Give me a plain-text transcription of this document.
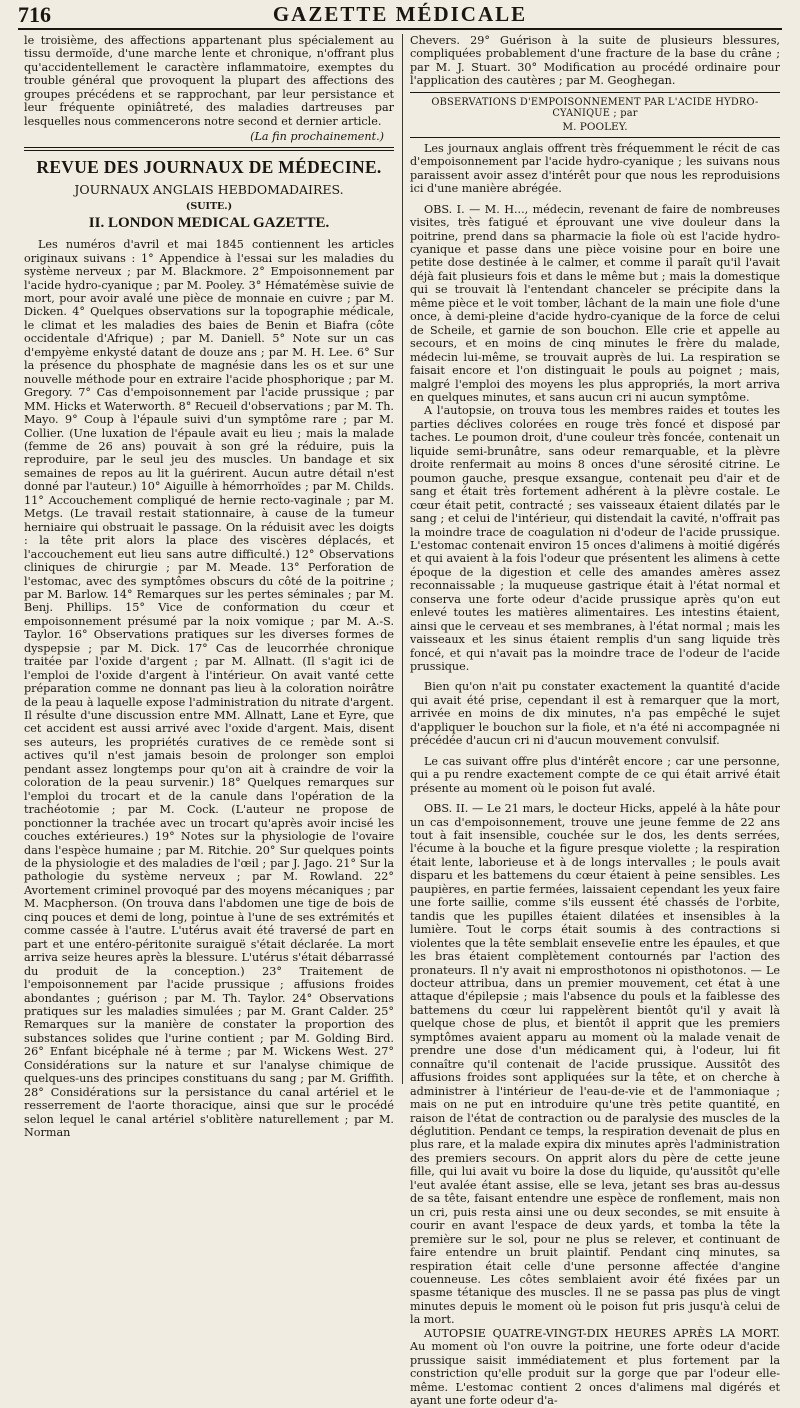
716	GAZETTE MÉDICALE

le troisième, des affections appartenant plus spécialement au tissu dermoïde, d'une marche lente et chronique, n'offrant plus qu'accidentellement le caractère inflammatoire, exemptes du trouble général que provoquent la plupart des affections des groupes précédens et se rapprochant, par leur persistance et leur fréquente opiniâtreté, des maladies dartreuses par lesquelles nous commencerons notre second et dernier article.

(La fin prochainement.)
REVUE DES JOURNAUX DE MÉDECINE.
JOURNAUX ANGLAIS HEBDOMADAIRES.
(SUITE.)
II. LONDON MEDICAL GAZETTE.

Les numéros d'avril et mai 1845 contiennent les articles originaux suivans : 1° Appendice à l'essai sur les maladies du système nerveux ; par M. Blackmore. 2° Empoisonnement par l'acide hydro-cyanique ; par M. Pooley. 3° Hématémèse suivie de mort, pour avoir avalé une pièce de monnaie en cuivre ; par M. Dicken. 4° Quelques observations sur la topographie médicale, le climat et les maladies des baies de Benin et Biafra (côte occidentale d'Afrique) ; par M. Daniell. 5° Note sur un cas d'empyème enkysté datant de douze ans ; par M. H. Lee. 6° Sur la présence du phosphate de magnésie dans les os et sur une nouvelle méthode pour en extraire l'acide phosphorique ; par M. Gregory. 7° Cas d'empoisonnement par l'acide prussique ; par MM. Hicks et Waterworth. 8° Recueil d'observations ; par M. Th. Mayo. 9° Coup à l'épaule suivi d'un symptôme rare ; par M. Collier. (Une luxation de l'épaule avait eu lieu ; mais la malade (femme de 26 ans) pouvait à son gré la réduire, puis la reproduire, par le seul jeu des muscles. Un bandage et six semaines de repos au lit la guérirent. Aucun autre détail n'est donné par l'auteur.) 10° Aiguille à hémorrhoïdes ; par M. Childs. 11° Accouchement compliqué de hernie recto-vaginale ; par M. Metgs. (Le travail restait stationnaire, à cause de la tumeur herniaire qui obstruait le passage. On la réduisit avec les doigts : la tête prit alors la place des viscères déplacés, et l'accouchement eut lieu sans autre difficulté.) 12° Observations cliniques de chirurgie ; par M. Meade. 13° Perforation de l'estomac, avec des symptômes obscurs du côté de la poitrine ; par M. Barlow. 14° Remarques sur les pertes séminales ; par M. Benj. Phillips. 15° Vice de conformation du cœur et empoisonnement présumé par la noix vomique ; par M. A.-S. Taylor. 16° Observations pratiques sur les diverses formes de dyspepsie ; par M. Dick. 17° Cas de leucorrhée chronique traitée par l'oxide d'argent ; par M. Allnatt. (Il s'agit ici de l'emploi de l'oxide d'argent à l'intérieur. On avait vanté cette préparation comme ne donnant pas lieu à la coloration noirâtre de la peau à laquelle expose l'administration du nitrate d'argent. Il résulte d'une discussion entre MM. Allnatt, Lane et Eyre, que cet accident est aussi arrivé avec l'oxide d'argent. Mais, disent ses auteurs, les propriétés curatives de ce remède sont si actives qu'il n'est jamais besoin de prolonger son emploi pendant assez longtemps pour qu'on ait à craindre de voir la coloration de la peau survenir.) 18° Quelques remarques sur l'emploi du trocart et de la canule dans l'opération de la trachéotomie ; par M. Cock. (L'auteur ne propose de ponctionner la trachée avec un trocart qu'après avoir incisé les couches extérieures.) 19° Notes sur la physiologie de l'ovaire dans l'espèce humaine ; par M. Ritchie. 20° Sur quelques points de la physiologie et des maladies de l'œil ; par J. Jago. 21° Sur la pathologie du système nerveux ; par M. Rowland. 22° Avortement criminel provoqué par des moyens mécaniques ; par M. Macpherson. (On trouva dans l'abdomen une tige de bois de cinq pouces et demi de long, pointue à l'une de ses extrémités et comme cassée à l'autre. L'utérus avait été traversé de part en part et une entéro-péritonite suraiguë s'était déclarée. La mort arriva seize heures après la blessure. L'utérus s'était débarrassé du produit de la conception.) 23° Traitement de l'empoisonnement par l'acide prussique ; affusions froides abondantes ; guérison ; par M. Th. Taylor. 24° Observations pratiques sur les maladies simulées ; par M. Grant Calder. 25° Remarques sur la manière de constater la proportion des substances solides que l'urine contient ; par M. Golding Bird. 26° Enfant bicéphale né à terme ; par M. Wickens West. 27° Considérations sur la nature et sur l'analyse chimique de quelques-uns des principes constituans du sang ; par M. Griffith. 28° Considérations sur la persistance du canal artériel et le resserrement de l'aorte thoracique, ainsi que sur le procédé selon lequel le canal artériel s'oblitère naturellement ; par M. Norman

Chevers. 29° Guérison à la suite de plusieurs blessures, compliquées probablement d'une fracture de la base du crâne ; par M. J. Stuart. 30° Modification au procédé ordinaire pour l'application des cautères ; par M. Geoghegan.

OBSERVATIONS D'EMPOISONNEMENT PAR L'ACIDE HYDRO-CYANIQUE ; par
M. POOLEY.

Les journaux anglais offrent très fréquemment le récit de cas d'empoisonnement par l'acide hydro-cyanique ; les suivans nous paraissent avoir assez d'intérêt pour que nous les reproduisions ici d'une manière abrégée.

OBS. I. — M. H..., médecin, revenant de faire de nombreuses visites, très fatigué et éprouvant une vive douleur dans la poitrine, prend dans sa pharmacie la fiole où est l'acide hydro-cyanique et passe dans une pièce voisine pour en boire une petite dose destinée à le calmer, et comme il paraît qu'il l'avait déjà fait plusieurs fois et dans le même but ; mais la domestique qui se trouvait là l'entendant chanceler se précipite dans la même pièce et le voit tomber, lâchant de la main une fiole d'une once, à demi-pleine d'acide hydro-cyanique de la force de celui de Scheile, et garnie de son bouchon. Elle crie et appelle au secours, et en moins de cinq minutes le frère du malade, médecin lui-même, se trouvait auprès de lui. La respiration se faisait encore et l'on distinguait le pouls au poignet ; mais, malgré l'emploi des moyens les plus appropriés, la mort arriva en quelques minutes, et sans aucun cri ni aucun symptôme.

A l'autopsie, on trouva tous les membres raides et toutes les parties déclives colorées en rouge très foncé et disposé par taches. Le poumon droit, d'une couleur très foncée, contenait un liquide semi-brunâtre, sans odeur remarquable, et la plèvre droite renfermait au moins 8 onces d'une sérosité citrine. Le poumon gauche, presque exsangue, contenait peu d'air et de sang et était très fortement adhérent à la plèvre costale. Le cœur était petit, contracté ; ses vaisseaux étaient dilatés par le sang ; et celui de l'intérieur, qui distendait la cavité, n'offrait pas la moindre trace de coagulation ni d'odeur de l'acide prussique. L'estomac contenait environ 15 onces d'alimens à moitié digérés et qui avaient à la fois l'odeur que présentent les alimens à cette époque de la digestion et celle des amandes amères assez reconnaissable ; la muqueuse gastrique était à l'état normal et conserva une forte odeur d'acide prussique après qu'on eut enlevé toutes les matières alimentaires. Les intestins étaient, ainsi que le cerveau et ses membranes, à l'état normal ; mais les vaisseaux et les sinus étaient remplis d'un sang liquide très foncé, et qui n'avait pas la moindre trace de l'odeur de l'acide prussique.

Bien qu'on n'ait pu constater exactement la quantité d'acide qui avait été prise, cependant il est à remarquer que la mort, arrivée en moins de dix minutes, n'a pas empêché le sujet d'appliquer le bouchon sur la fiole, et n'a été ni accompagnée ni précédée d'aucun cri ni d'aucun mouvement convulsif.

Le cas suivant offre plus d'intérêt encore ; car une personne, qui a pu rendre exactement compte de ce qui était arrivé était présente au moment où le poison fut avalé.

OBS. II. — Le 21 mars, le docteur Hicks, appelé à la hâte pour un cas d'empoisonnement, trouve une jeune femme de 22 ans tout à fait insensible, couchée sur le dos, les dents serrées, l'écume à la bouche et la figure presque violette ; la respiration était lente, laborieuse et à de longs intervalles ; le pouls avait disparu et les battemens du cœur étaient à peine sensibles. Les paupières, en partie fermées, laissaient cependant les yeux faire une forte saillie, comme s'ils eussent été chassés de l'orbite, tandis que les pupilles étaient dilatées et insensibles à la lumière. Tout le corps était soumis à des contractions si violentes que la tête semblait enseveIie entre les épaules, et que les bras étaient complètement contournés par l'action des pronateurs. Il n'y avait ni emprosthotonos ni opisthotonos. — Le docteur attribua, dans un premier mouvement, cet état à une attaque d'épilepsie ; mais l'absence du pouls et la faiblesse des battemens du cœur lui rappelèrent bientôt qu'il y avait là quelque chose de plus, et bientôt il apprit que les premiers symptômes avaient apparu au moment où la malade venait de prendre une dose d'un médicament qui, à l'odeur, lui fit connaître qu'il contenait de l'acide prussique. Aussitôt des affusions froides sont appliquées sur la tête, et on cherche à administrer à l'intérieur de l'eau-de-vie et de l'ammoniaque ; mais on ne put en introduire qu'une très petite quantité, en raison de l'état de contraction ou de paralysie des muscles de la déglutition. Pendant ce temps, la respiration devenait de plus en plus rare, et la malade expira dix minutes après l'administration des premiers secours. On apprit alors du père de cette jeune fille, qui lui avait vu boire la dose du liquide, qu'aussitôt qu'elle l'eut avalée étant assise, elle se leva, jetant ses bras au-dessus de sa tête, faisant entendre une espèce de ronflement, mais non un cri, puis resta ainsi une ou deux secondes, se mit ensuite à courir en avant l'espace de deux yards, et tomba la tête la première sur le sol, pour ne plus se relever, et continuant de faire entendre un bruit plaintif. Pendant cinq minutes, sa respiration était celle d'une personne affectée d'angine couenneuse. Les côtes semblaient avoir été fixées par un spasme tétanique des muscles. Il ne se passa pas plus de vingt minutes depuis le moment où le poison fut pris jusqu'à celui de la mort.

AUTOPSIE QUATRE-VINGT-DIX HEURES APRÈS LA MORT. Au moment où l'on ouvre la poitrine, une forte odeur d'acide prussique saisit immédiatement et plus fortement par la constriction qu'elle produit sur la gorge que par l'odeur elle-même. L'estomac contient 2 onces d'alimens mal digérés et ayant une forte odeur d'a-
